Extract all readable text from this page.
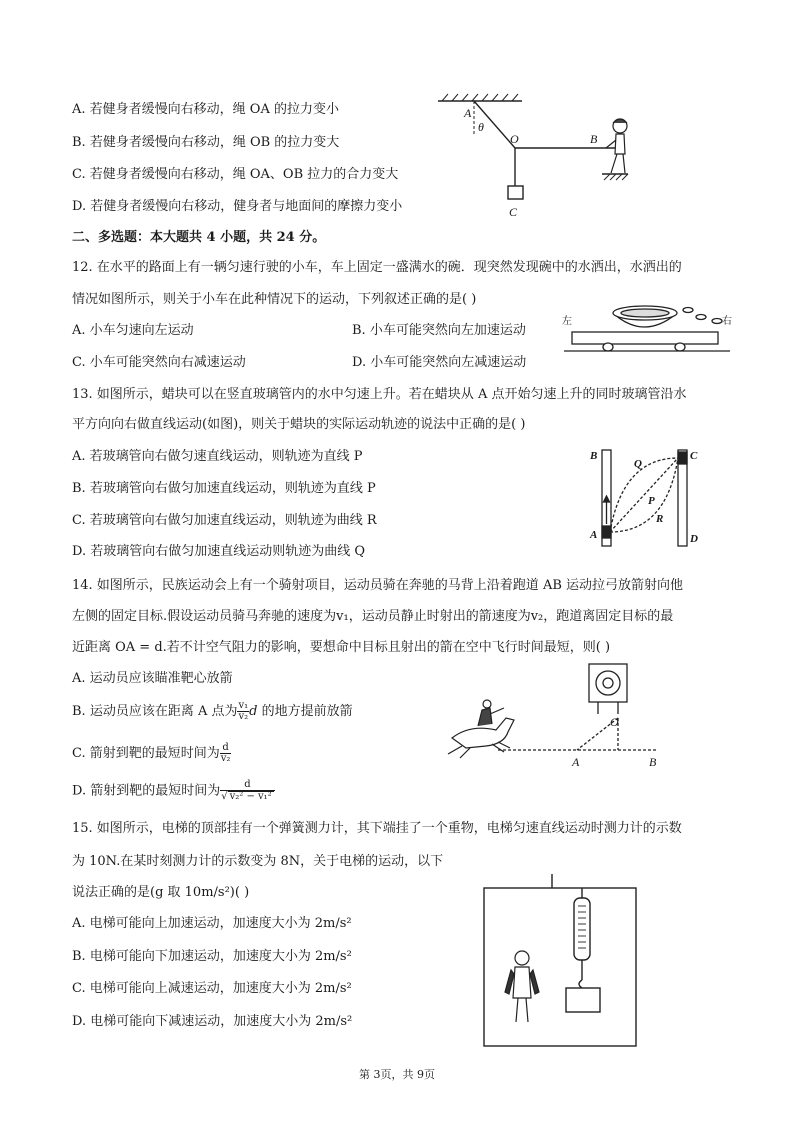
A. 若健身者缓慢向右移动，绳 OA 的拉力变小
B. 若健身者缓慢向右移动，绳 OB 的拉力变大
C. 若健身者缓慢向右移动，绳 OA、OB 拉力的合力变大
D. 若健身者缓慢向右移动，健身者与地面间的摩擦力变小
A
θ
O	B
C
二、多选题：本大题共 4 小题，共 24 分。
12. 在水平的路面上有一辆匀速行驶的小车，车上固定一盛满水的碗．现突然发现碗中的水洒出，水洒出的
情况如图所示，则关于小车在此种情况下的运动，下列叙述正确的是( )
A. 小车匀速向左运动	B. 小车可能突然向左加速运动
C. 小车可能突然向右减速运动	D. 小车可能突然向左减速运动
左	右
13. 如图所示，蜡块可以在竖直玻璃管内的水中匀速上升。若在蜡块从 A 点开始匀速上升的同时玻璃管沿水
平方向向右做直线运动(如图)，则关于蜡块的实际运动轨迹的说法中正确的是( )
A. 若玻璃管向右做匀速直线运动，则轨迹为直线 P
B. 若玻璃管向右做匀加速直线运动，则轨迹为直线 P
C. 若玻璃管向右做匀加速直线运动，则轨迹为曲线 R
D. 若玻璃管向右做匀加速直线运动则轨迹为曲线 Q
B
Q
C
P
R
A	D
14. 如图所示，民族运动会上有一个骑射项目，运动员骑在奔驰的马背上沿着跑道 AB 运动拉弓放箭射向他
左侧的固定目标.假设运动员骑马奔驰的速度为v₁，运动员静止时射出的箭速度为v₂，跑道离固定目标的最
近距离 OA = d.若不计空气阻力的影响，要想命中目标且射出的箭在空中飞行时间最短，则( )
A. 运动员应该瞄准靶心放箭
B. 运动员应该在距离 A 点为 $\frac{\text{v₁}}{\text{v₂}}$ d 的地方提前放箭
C. 箭射到靶的最短时间为 $\frac{d}{\text{v₂}}$
D. 箭射到靶的最短时间为 $\frac{d}{\text{√ v₂² − v₁²}}$
O
A	B
15. 如图所示，电梯的顶部挂有一个弹簧测力计，其下端挂了一个重物，电梯匀速直线运动时测力计的示数
为 10N.在某时刻测力计的示数变为 8N，关于电梯的运动，以下
说法正确的是(g 取 10m/s²)( )
A. 电梯可能向上加速运动，加速度大小为 2m/s²
B. 电梯可能向下加速运动，加速度大小为 2m/s²
C. 电梯可能向上减速运动，加速度大小为 2m/s²
D. 电梯可能向下减速运动，加速度大小为 2m/s²
第 3页，共 9页
